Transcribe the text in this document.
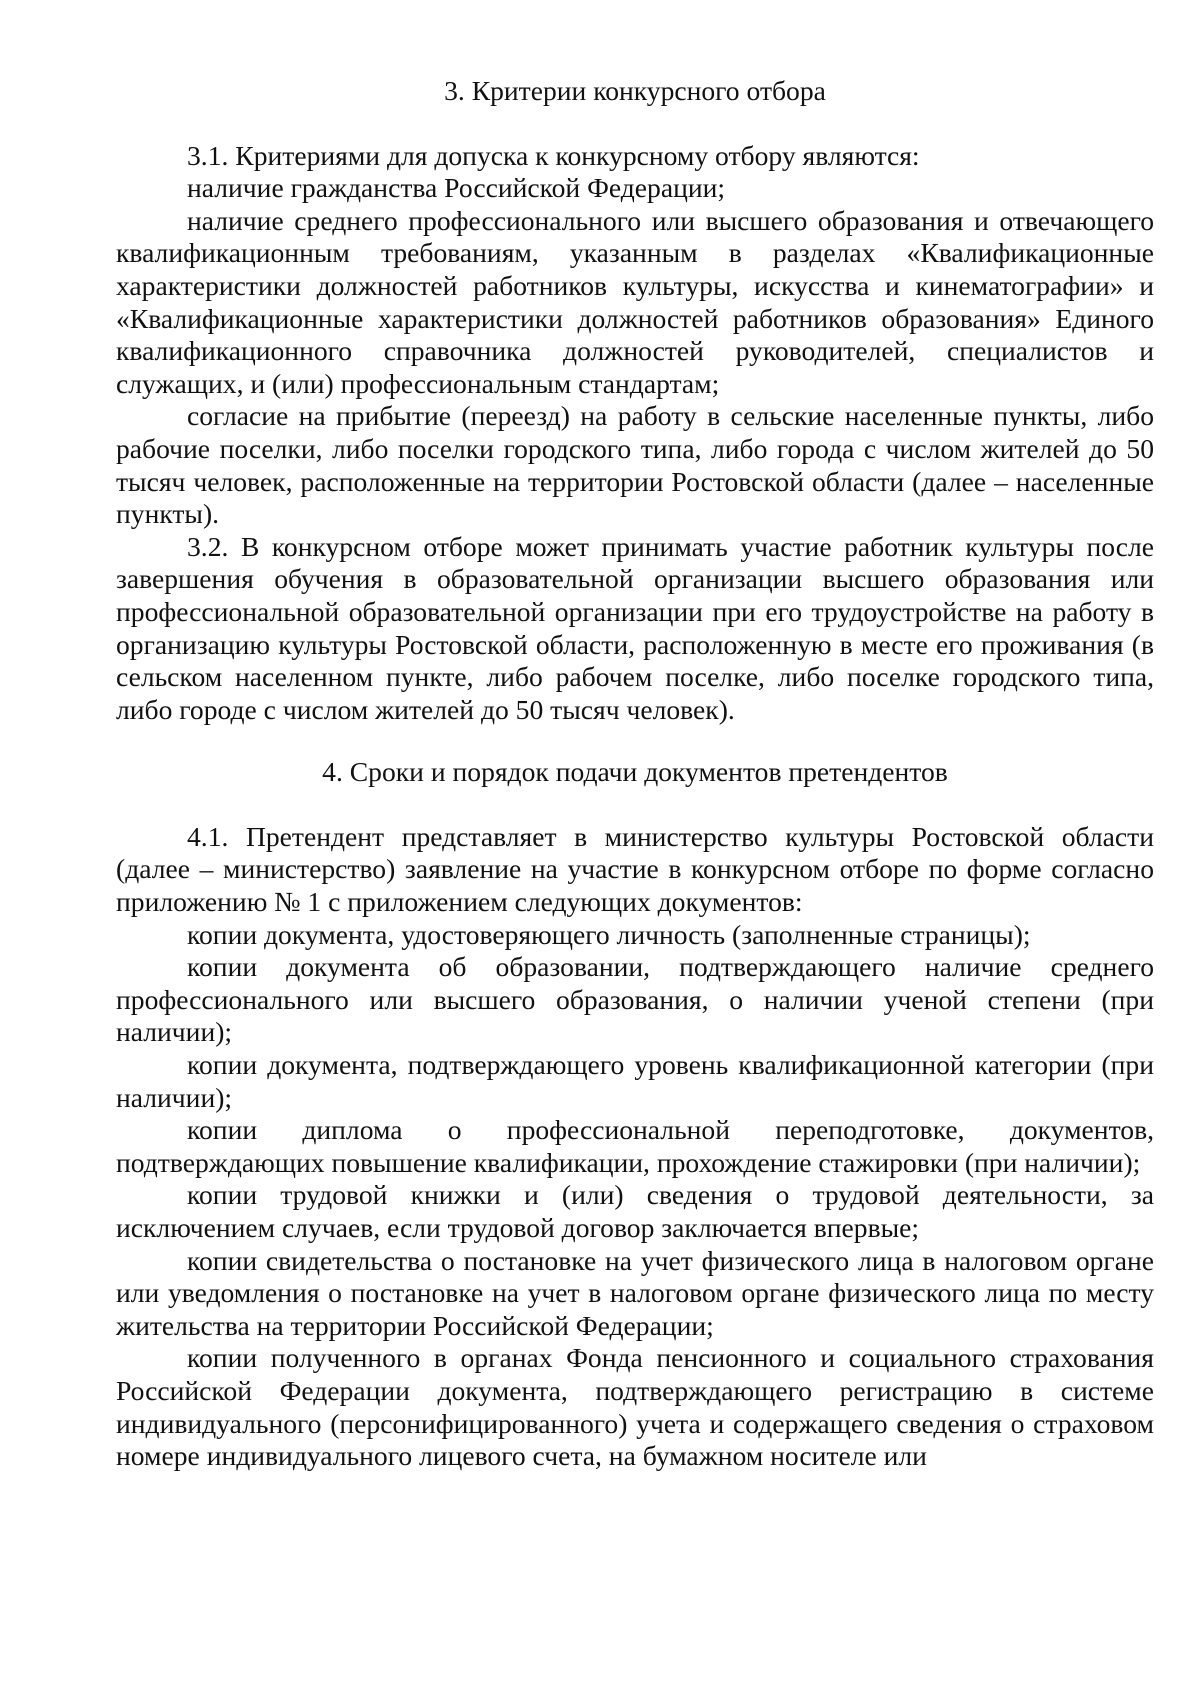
3. Критерии конкурсного отбора

3.1. Критериями для допуска к конкурсному отбору являются:

наличие гражданства Российской Федерации;

наличие среднего профессионального или высшего образования и отвечающего квалификационным требованиям, указанным в разделах «Квалификационные характеристики должностей работников культуры, искусства и кинематографии» и «Квалификационные характеристики должностей работников образования» Единого квалификационного справочника должностей руководителей, специалистов и служащих, и (или) профессиональным стандартам;

согласие на прибытие (переезд) на работу в сельские населенные пункты, либо рабочие поселки, либо поселки городского типа, либо города с числом жителей до 50 тысяч человек, расположенные на территории Ростовской области (далее – населенные пункты).

3.2. В конкурсном отборе может принимать участие работник культуры после завершения обучения в образовательной организации высшего образования или профессиональной образовательной организации при его трудоустройстве на работу в организацию культуры Ростовской области, расположенную в месте его проживания (в сельском населенном пункте, либо рабочем поселке, либо поселке городского типа, либо городе с числом жителей до 50 тысяч человек).

4. Сроки и порядок подачи документов претендентов

4.1. Претендент представляет в министерство культуры Ростовской области (далее – министерство) заявление на участие в конкурсном отборе по форме согласно приложению № 1 с приложением следующих документов:

копии документа, удостоверяющего личность (заполненные страницы);

копии документа об образовании, подтверждающего наличие среднего профессионального или высшего образования, о наличии ученой степени (при наличии);

копии документа, подтверждающего уровень квалификационной категории (при наличии);

копии диплома о профессиональной переподготовке, документов, подтверждающих повышение квалификации, прохождение стажировки (при наличии);

копии трудовой книжки и (или) сведения о трудовой деятельности, за исключением случаев, если трудовой договор заключается впервые;

копии свидетельства о постановке на учет физического лица в налоговом органе или уведомления о постановке на учет в налоговом органе физического лица по месту жительства на территории Российской Федерации;

копии полученного в органах Фонда пенсионного и социального страхования Российской Федерации документа, подтверждающего регистрацию в системе индивидуального (персонифицированного) учета и содержащего сведения о страховом номере индивидуального лицевого счета, на бумажном носителе или
